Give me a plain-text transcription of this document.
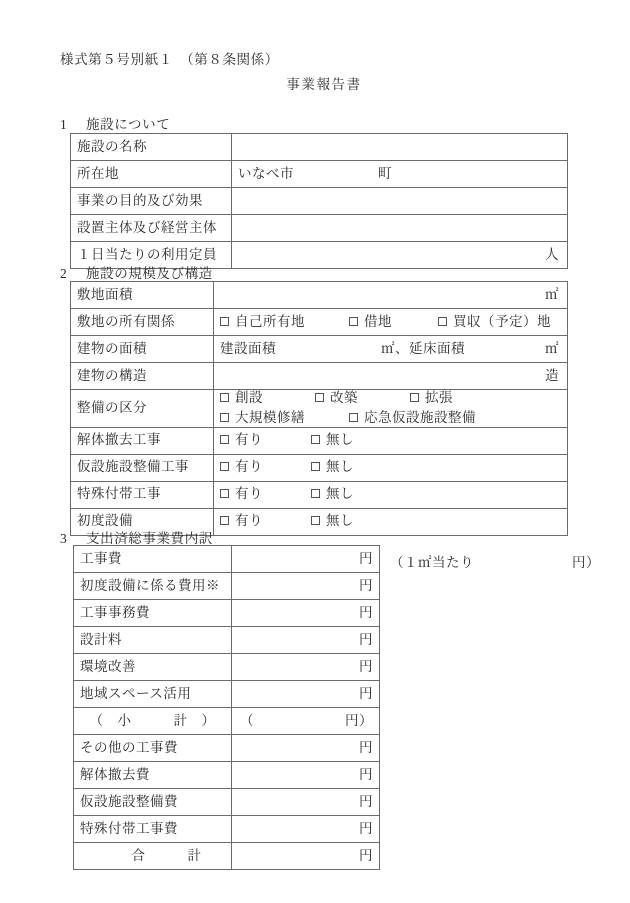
様式第５号別紙１　（第８条関係）
事業報告書
1 施設について
施設の名称	

所在地	いなべ市　　　　　　町

事業の目的及び効果	

設置主体及び経営主体	

１日当たりの利用定員	人
2 施設の規模及び構造
敷地面積	㎡

敷地の所有関係	自己所有地 借地 買収（予定）地

建物の面積	建設面積 ㎡、延床面積 ㎡

建物の構造	造

整備の区分	創設 改築 拡張
大規模修繕 応急仮設施設整備

解体撤去工事	有り 無し

仮設施設整備工事	有り 無し

特殊付帯工事	有り 無し

初度設備	有り 無し
3 支出済総事業費内訳
工事費	円
初度設備に係る費用※	円
工事事務費	円
設計料	円
環境改善	円
地域スペース活用	円
（　小　　　計　）	（ 円）
その他の工事費	円
解体撤去費	円
仮設施設整備費	円
特殊付帯工事費	円
　　合　　　計	円
（１㎡当たり　　　　　　　円）
